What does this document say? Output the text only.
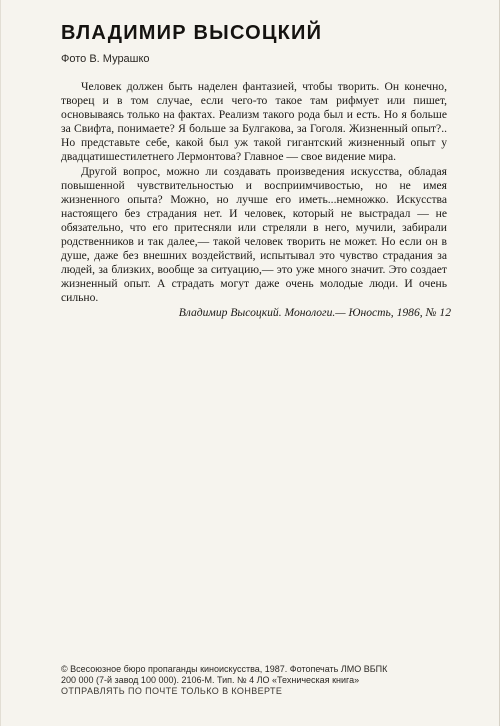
ВЛАДИМИР ВЫСОЦКИЙ

Фото В. Мурашко

Человек должен быть наделен фантазией, чтобы творить. Он конечно, творец и в том случае, если чего-то такое там рифмует или пишет, основываясь только на фактах. Реализм такого рода был и есть. Но я больше за Свифта, понимаете? Я больше за Булгакова, за Гоголя. Жизненный опыт?.. Но представьте себе, какой был уж такой гигантский жизненный опыт у двадцатишестилетнего Лермонтова? Главное — свое видение мира.

Другой вопрос, можно ли создавать произведения искусства, обладая повышенной чувствительностью и восприимчивостью, но не имея жизненного опыта? Можно, но лучше его иметь...немножко. Искусства настоящего без страдания нет. И человек, который не выстрадал — не обязательно, что его притесняли или стреляли в него, мучили, забирали родственников и так далее,— такой человек творить не может. Но если он в душе, даже без внешних воздействий, испытывал это чувство страдания за людей, за близких, вообще за ситуацию,— это уже много значит. Это создает жизненный опыт. А страдать могут даже очень молодые люди. И очень сильно.

Владимир Высоцкий. Монологи.— Юность, 1986, № 12

© Всесоюзное бюро пропаганды киноискусства, 1987. Фотопечать ЛМО ВБПК
200 000 (7-й завод 100 000). 2106-М. Тип. № 4 ЛО «Техническая книга»
ОТПРАВЛЯТЬ ПО ПОЧТЕ ТОЛЬКО В КОНВЕРТЕ
